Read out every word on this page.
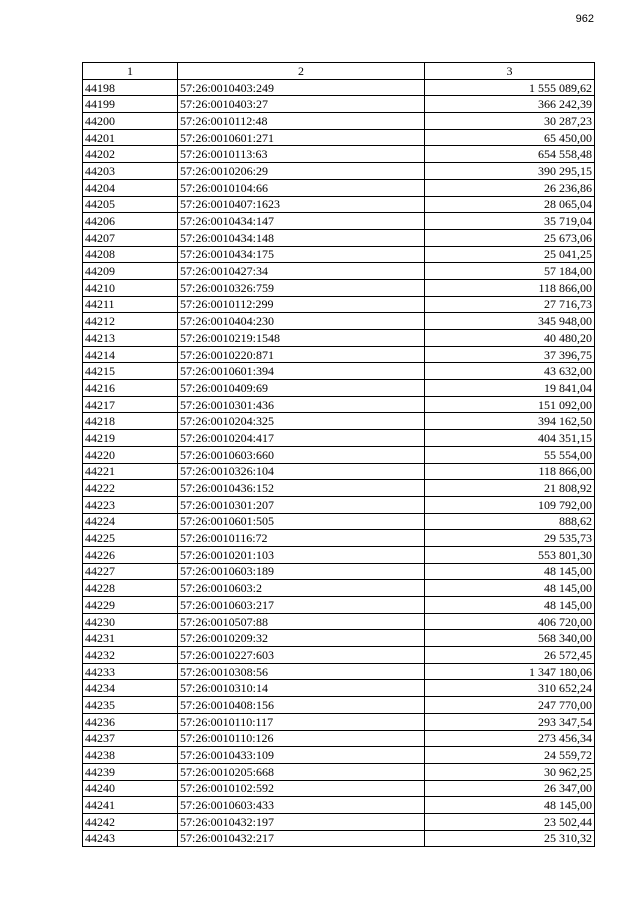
962
1	2	3
44198	57:26:0010403:249	1 555 089,62
44199	57:26:0010403:27	366 242,39
44200	57:26:0010112:48	30 287,23
44201	57:26:0010601:271	65 450,00
44202	57:26:0010113:63	654 558,48
44203	57:26:0010206:29	390 295,15
44204	57:26:0010104:66	26 236,86
44205	57:26:0010407:1623	28 065,04
44206	57:26:0010434:147	35 719,04
44207	57:26:0010434:148	25 673,06
44208	57:26:0010434:175	25 041,25
44209	57:26:0010427:34	57 184,00
44210	57:26:0010326:759	118 866,00
44211	57:26:0010112:299	27 716,73
44212	57:26:0010404:230	345 948,00
44213	57:26:0010219:1548	40 480,20
44214	57:26:0010220:871	37 396,75
44215	57:26:0010601:394	43 632,00
44216	57:26:0010409:69	19 841,04
44217	57:26:0010301:436	151 092,00
44218	57:26:0010204:325	394 162,50
44219	57:26:0010204:417	404 351,15
44220	57:26:0010603:660	55 554,00
44221	57:26:0010326:104	118 866,00
44222	57:26:0010436:152	21 808,92
44223	57:26:0010301:207	109 792,00
44224	57:26:0010601:505	888,62
44225	57:26:0010116:72	29 535,73
44226	57:26:0010201:103	553 801,30
44227	57:26:0010603:189	48 145,00
44228	57:26:0010603:2	48 145,00
44229	57:26:0010603:217	48 145,00
44230	57:26:0010507:88	406 720,00
44231	57:26:0010209:32	568 340,00
44232	57:26:0010227:603	26 572,45
44233	57:26:0010308:56	1 347 180,06
44234	57:26:0010310:14	310 652,24
44235	57:26:0010408:156	247 770,00
44236	57:26:0010110:117	293 347,54
44237	57:26:0010110:126	273 456,34
44238	57:26:0010433:109	24 559,72
44239	57:26:0010205:668	30 962,25
44240	57:26:0010102:592	26 347,00
44241	57:26:0010603:433	48 145,00
44242	57:26:0010432:197	23 502,44
44243	57:26:0010432:217	25 310,32
